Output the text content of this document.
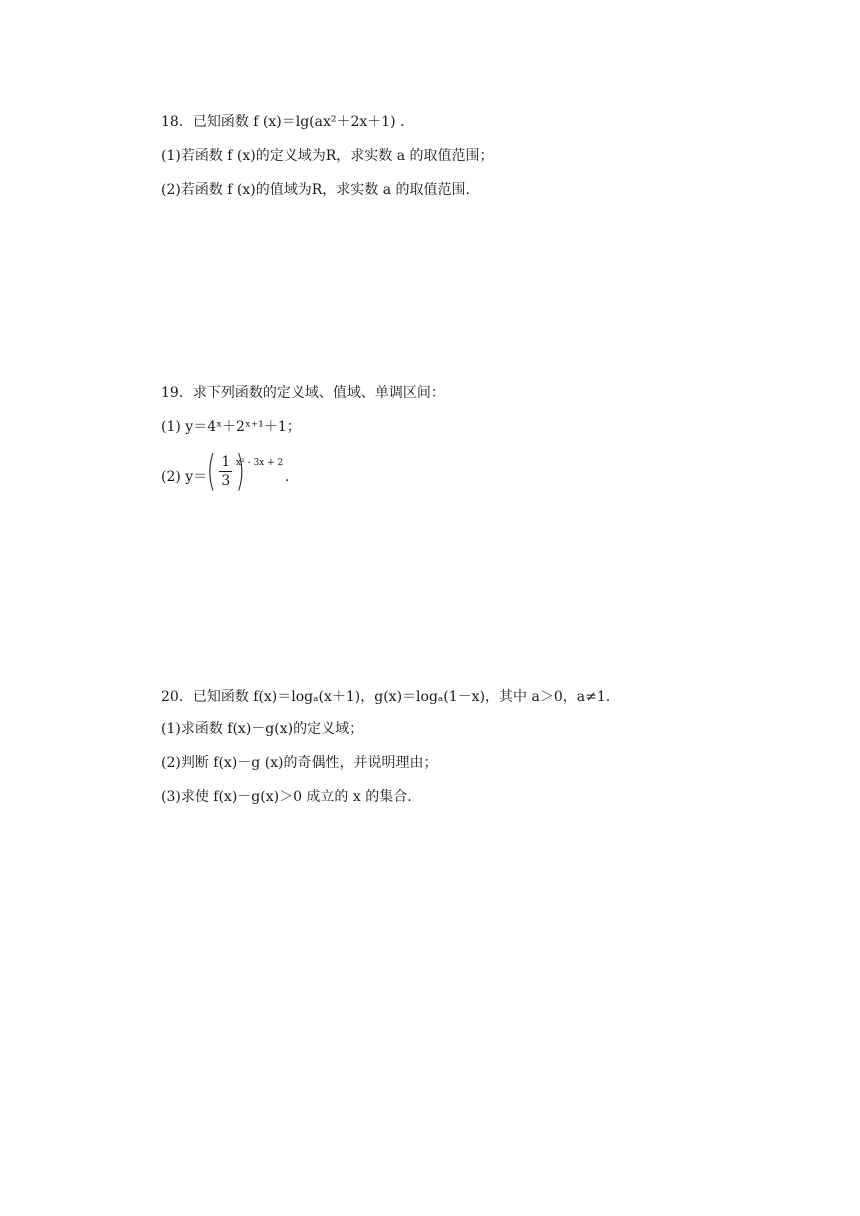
18．已知函数 f (x)＝lg(ax²＋2x＋1) ．
(1)若函数 f (x)的定义域为R，求实数 a 的取值范围；
(2)若函数 f (x)的值域为R，求实数 a 的取值范围.
19．求下列函数的定义域、值域、单调区间：
(1) y＝4ˣ＋2ˣ⁺¹＋1；
(2) y＝ ( $\frac{1}{3}$ )
x² - 3x + 2
.
20．已知函数 f(x)＝logₐ(x＋1)，g(x)＝logₐ(1－x)，其中 a＞0，a≠1.
(1)求函数 f(x)－g(x)的定义域；
(2)判断 f(x)－g (x)的奇偶性，并说明理由；
(3)求使 f(x)－g(x)＞0 成立的 x 的集合.
